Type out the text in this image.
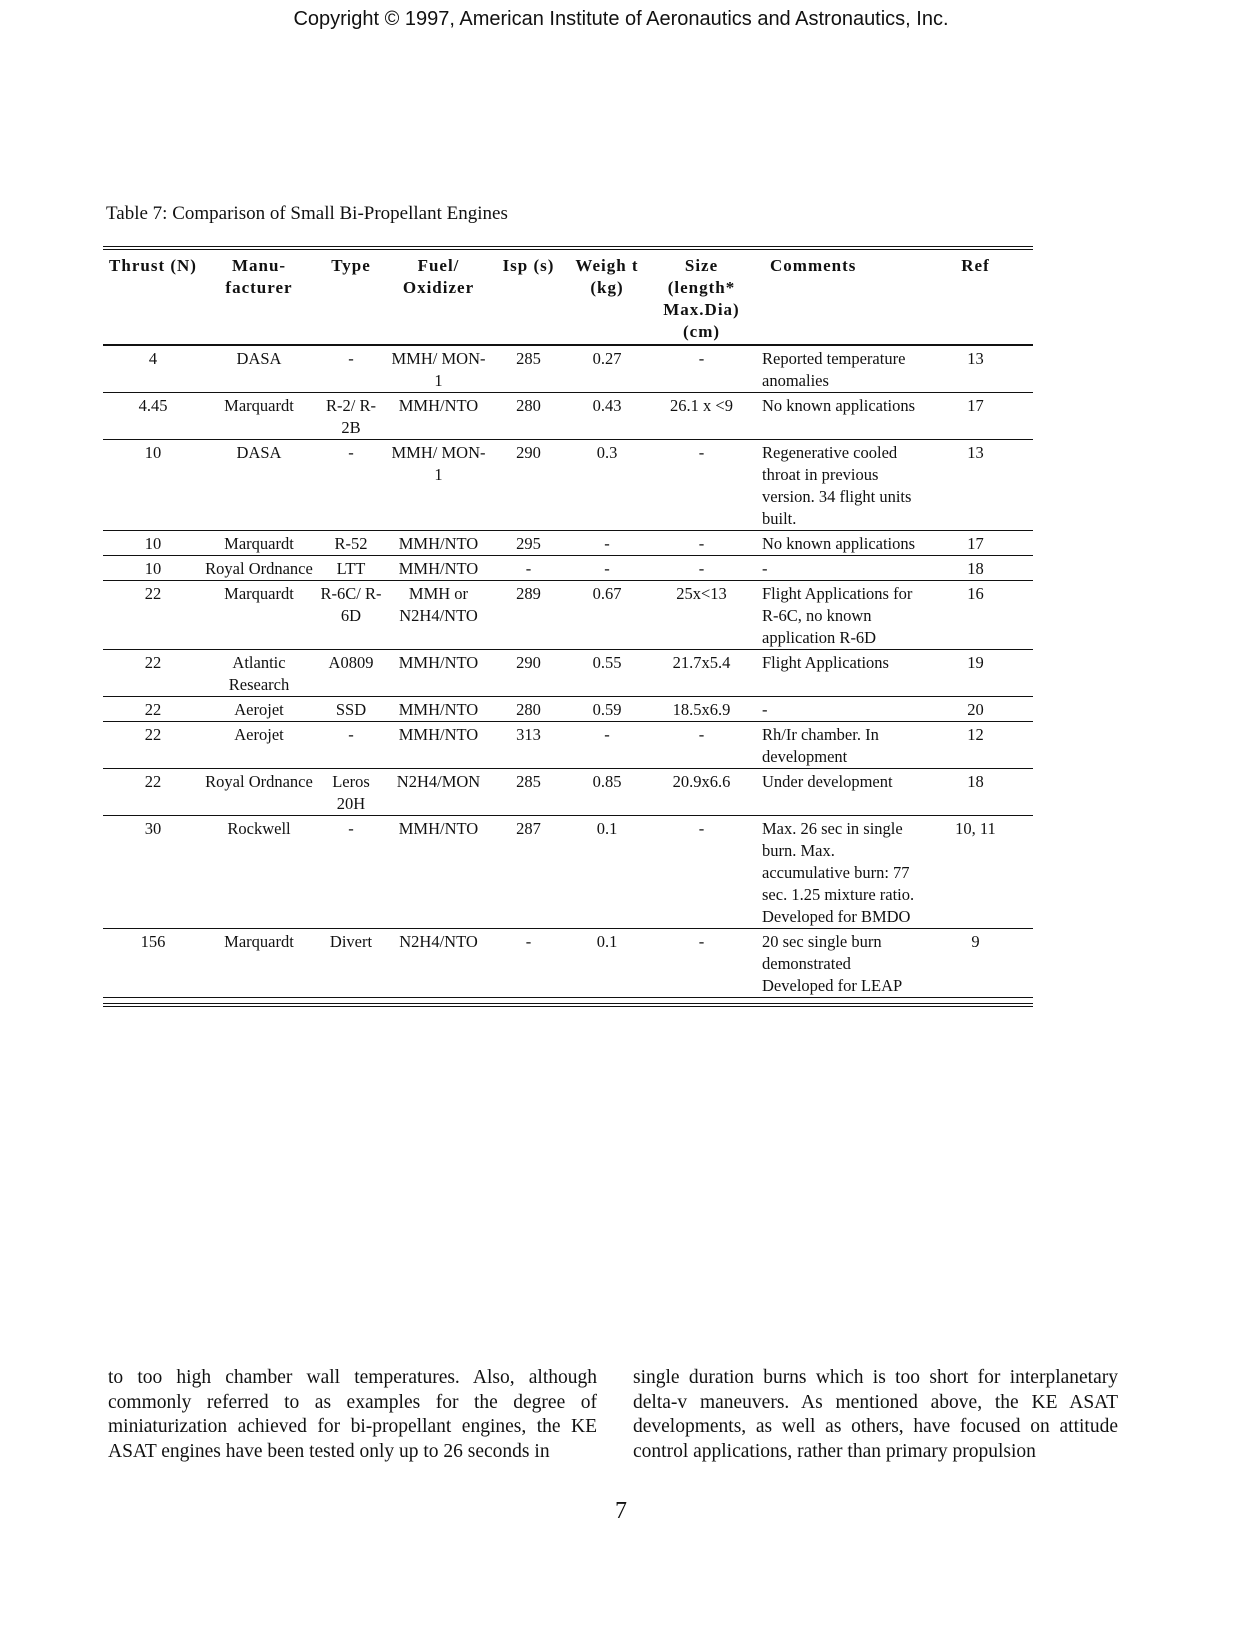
Copyright © 1997, American Institute of Aeronautics and Astronautics, Inc.
Table 7: Comparison of Small Bi-Propellant Engines
Thrust (N)	Manu- facturer	Type	Fuel/ Oxidizer	Isp (s)	Weigh t (kg)	Size (length* Max.Dia) (cm)	Comments	Ref
4	DASA	-	MMH/ MON-1	285	0.27	-	Reported temperature anomalies	13
4.45	Marquardt	R-2/ R-2B	MMH/NTO	280	0.43	26.1 x <9	No known applications	17
10	DASA	-	MMH/ MON-1	290	0.3	-	Regenerative cooled throat in previous version. 34 flight units built.	13
10	Marquardt	R-52	MMH/NTO	295	-	-	No known applications	17
10	Royal Ordnance	LTT	MMH/NTO	-	-	-	-	18
22	Marquardt	R-6C/ R-6D	MMH or N2H4/NTO	289	0.67	25x<13	Flight Applications for R-6C, no known application R-6D	16
22	Atlantic Research	A0809	MMH/NTO	290	0.55	21.7x5.4	Flight Applications	19
22	Aerojet	SSD	MMH/NTO	280	0.59	18.5x6.9	-	20
22	Aerojet	-	MMH/NTO	313	-	-	Rh/Ir chamber. In development	12
22	Royal Ordnance	Leros 20H	N2H4/MON	285	0.85	20.9x6.6	Under development	18
30	Rockwell	-	MMH/NTO	287	0.1	-	Max. 26 sec in single burn. Max. accumulative burn: 77 sec. 1.25 mixture ratio. Developed for BMDO	10, 11
156	Marquardt	Divert	N2H4/NTO	-	0.1	-	20 sec single burn demonstrated Developed for LEAP	9
to too high chamber wall temperatures. Also, although commonly referred to as examples for the degree of miniaturization achieved for bi-propellant engines, the KE ASAT engines have been tested only up to 26 seconds in
single duration burns which is too short for interplanetary delta-v maneuvers. As mentioned above, the KE ASAT developments, as well as others, have focused on attitude control applications, rather than primary propulsion
7
